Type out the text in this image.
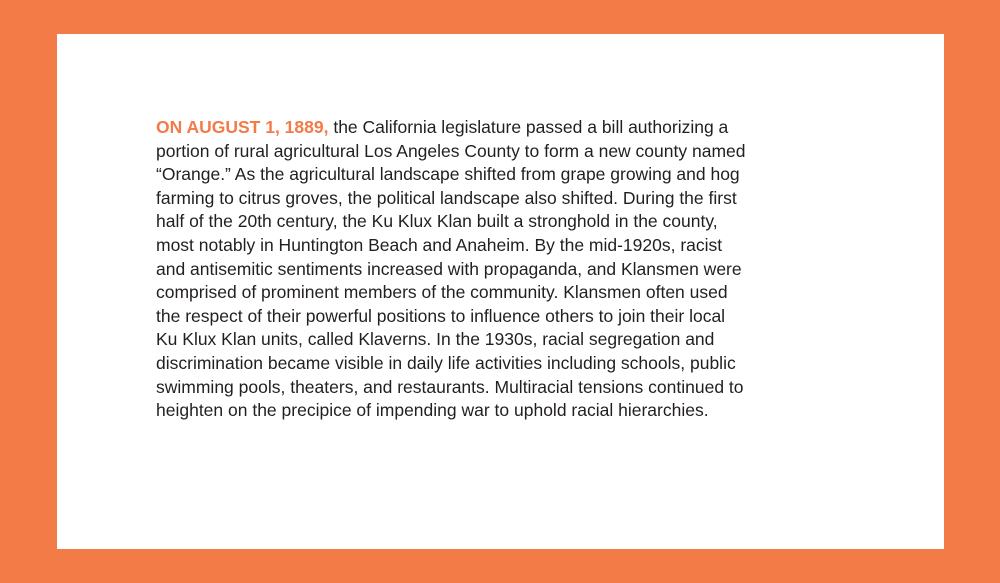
ON AUGUST 1, 1889, the California legislature passed a bill authorizing a
portion of rural agricultural Los Angeles County to form a new county named
“Orange.” As the agricultural landscape shifted from grape growing and hog
farming to citrus groves, the political landscape also shifted. During the first
half of the 20th century, the Ku Klux Klan built a stronghold in the county,
most notably in Huntington Beach and Anaheim. By the mid-1920s, racist
and antisemitic sentiments increased with propaganda, and Klansmen were
comprised of prominent members of the community. Klansmen often used
the respect of their powerful positions to influence others to join their local
Ku Klux Klan units, called Klaverns. In the 1930s, racial segregation and
discrimination became visible in daily life activities including schools, public
swimming pools, theaters, and restaurants. Multiracial tensions continued to
heighten on the precipice of impending war to uphold racial hierarchies.
